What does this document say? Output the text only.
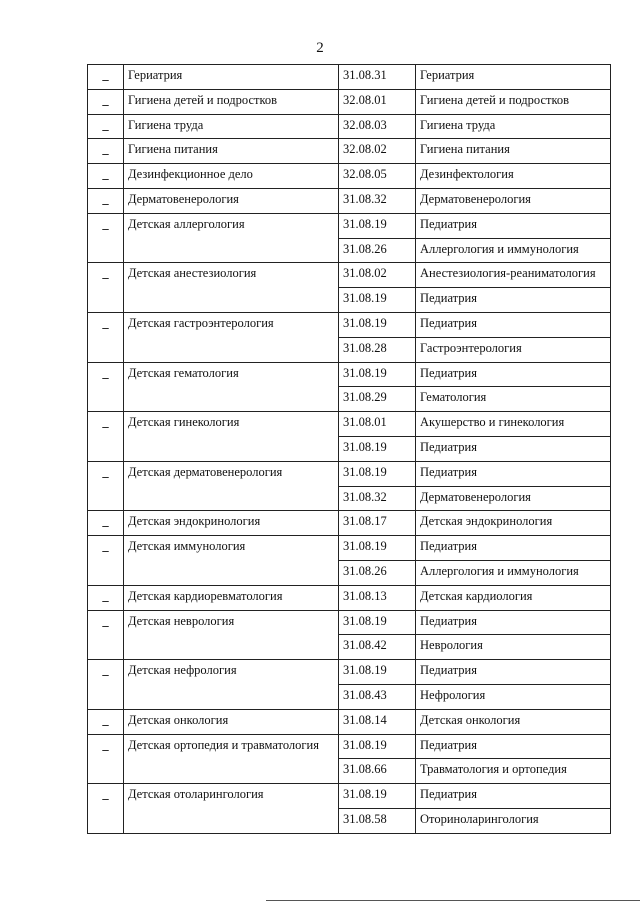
2
_	Гериатрия	31.08.31	Гериатрия
_	Гигиена детей и подростков	32.08.01	Гигиена детей и подростков
_	Гигиена труда	32.08.03	Гигиена труда
_	Гигиена питания	32.08.02	Гигиена питания
_	Дезинфекционное дело	32.08.05	Дезинфектология
_	Дерматовенерология	31.08.32	Дерматовенерология
_	Детская аллергология	31.08.19	Педиатрия
		31.08.26	Аллергология и иммунология
_	Детская анестезиология	31.08.02	Анестезиология-реаниматология
		31.08.19	Педиатрия
_	Детская гастроэнтерология	31.08.19	Педиатрия
		31.08.28	Гастроэнтерология
_	Детская гематология	31.08.19	Педиатрия
		31.08.29	Гематология
_	Детская гинекология	31.08.01	Акушерство и гинекология
		31.08.19	Педиатрия
_	Детская дерматовенерология	31.08.19	Педиатрия
		31.08.32	Дерматовенерология
_	Детская эндокринология	31.08.17	Детская эндокринология
_	Детская иммунология	31.08.19	Педиатрия
		31.08.26	Аллергология и иммунология
_	Детская кардиоревматология	31.08.13	Детская кардиология
_	Детская неврология	31.08.19	Педиатрия
		31.08.42	Неврология
_	Детская нефрология	31.08.19	Педиатрия
		31.08.43	Нефрология
_	Детская онкология	31.08.14	Детская онкология
_	Детская ортопедия и травматология	31.08.19	Педиатрия
		31.08.66	Травматология и ортопедия
_	Детская отоларингология	31.08.19	Педиатрия
		31.08.58	Оториноларингология
